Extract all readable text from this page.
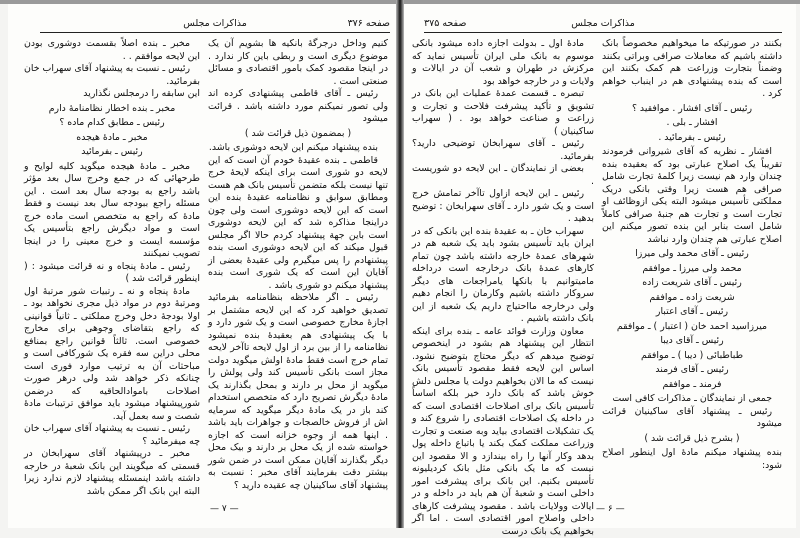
صفحه ۳۷۶
مذاکرات مجلس

کنیم وداخل درجرگهٔ بانکیه ها بشویم آن یک موضوع دیگری است و ربطی باین کار ندارد . در اینجا مقصود کمک بامور اقتصادی و مسائل صنعتی است .

رئیس ـ آقای قاطمی پیشنهادی کرده اند ولی تصور نمیکنم مورد داشته باشد . قرائت میشود

( بمضمون ذیل قرائت شد )

بنده پیشنهاد میکنم این لایحه دوشوری باشد.

قاطمی ـ بنده عقیدهٔ خودم آن است که این لایحه دو شوری است برای اینکه لایحهٔ خرج تنها نیست بلکه متضمن تأسیس بانک هم هست ومطابق سوابق و نظامنامه عقیدهٔ بنده این است که این لایحه دوشوری است ولی چون دراینجا مذاکره شد که این لایحه دوشوری است باین جهة پیشنهاد کردم حالا اگر مجلس قبول میکند که این لایحه دوشوری است بنده پیشنهادم را پس میگیرم ولی عقیدهٔ بعضی از آقایان این است که یک شوری است بنده پیشنهاد میکنم دو شوری باشد .

رئیس ـ اگر ملاحظه بنظامنامه بفرمائید تصدیق خواهید کرد که این لایحه مشتمل بر اجازهٔ مخارج خصوصی است و یک شور دارد و با یک پیشنهادی هم بعقیدهٔ بنده نمیشود نظامنامه را از بین برد از اول لایحه تاآخر لایحه تمام خرج است فقط مادهٔ اولش میگوید دولت مجاز است بانکی تأسیس کند ولی پولش را میگوید از محل بر دارند و بمحل بگذارند یک مادهٔ دیگرش تصریح دارد که متخصص استخدام کند باز در یک مادهٔ دیگر میگوید که سرمایه اش از فروش خالصجات و جواهرات باید باشد . اینها همه از وجوه خزانه است که اجازه خواسته شده از یک محل بر دارند و بیک محل دیگر بگذارند آقایان ممکن است در ضمن شور بیشتر دقت بفرمایند آقای مخبر : نسبت به پیشنهاد آقای ساکینیان چه عقیده دارید ؟

مخبر ـ بنده اصلاً بقسمت دوشوری بودن این لایحه موافقم . .

رئیس ـ نسبت به پیشنهاد آقای سهراب خان بفرمائید.

این سابقه را درمجلس نگذارید

مخبر ـ بنده اخطار نظامنامهٔ دارم

رئیس ـ مطابق کدام ماده ؟

مخبر ـ مادهٔ هیجده

رئیس ـ بفرمائید

مخبر ـ مادهٔ هیجده میگوید کلیه لوایح و طرحهائی که در جمع وخرج سال بعد مؤثر باشد راجع به بودجه سال بعد است . این مسئله راجع ببودجه سال بعد نیست و فقط مادهٔ که راجع به متخصص است ماده خرج است و مواد دیگرش راجع بتأسیس یک مؤسسه ایست و خرج معینی را در اینجا تصویب نمیکنند

رئیس ـ مادهٔ پنجاه و نه قرائت میشود : ( اینطور قرائت شد )

مادهٔ پنجاه و نه ـ رتبیات شور مرتبهٔ اول ومرتبهٔ دوم در مواد ذیل مجری نخواهد بود ـ اولا بودجهٔ دخل وخرج مملکتی ـ ثانیاً قوانینی که راجع بتقاضای وجوهی برای مخارج خصوصی است. ثالثاً قوانین راجع بمنافع محلی دراین سه فقره یک شورکافی است و مباحثات آن به ترتیب موارد فوری است چنانکه ذکر خواهد شد ولی درهر صورت اصلاحات باموادالحاقیه که درضمن شورپیشنهاد میشود باید موافق ترتیبات مادهٔ شصت و سه بعمل آید.

رئیس ـ نسبت به پیشنهاد آقای سهراب خان چه میفرمائید ؟

مخبر ـ درپیشنهاد آقای سهرابخان در قسمتی که میگویند این بانک شعبهٔ در خارجه داشته باشد اینمسئله پیشنهاد لازم ندارد زیرا البته این بانک اگر ممکن باشد

— ۷ —
صفحه ۳۷۵	مذاکرات مجلس

بکنند در صورتیکه ما میخواهیم مخصوصاً بانک داشته باشیم که معاملات صرافی وبراتی بکنند وضمناً بتجارت وزراعت هم کمک بکنند این است که بنده پیشنهادی هم در اینباب خواهم کرد .

رئیس ـ آقای افشار . موافقید ؟

افشار ـ بلی .

رئیس ـ بفرمائید .

افشار ـ نظریه که آقای شیروانی فرمودند تقریباً یک اصلاح عبارتی بود که بعقیده بنده چندان وارد هم نیست زیرا کلمهٔ تجارت شامل صرافی هم هست زیرا وقتی بانکی دریک مملکتی تأسیس میشود البته یکی ازوظائف او تجارت است و تجارت هم جنبهٔ صرافی کاملاً شامل است بنابر این بنده تصور میکنم این اصلاح عبارتی هم چندان وارد نباشد

رئیس ـ آقای محمد ولی میرزا

محمد ولی میرزا ـ موافقم

رئیس ـ آقای شریعت زاده

شریعت زاده ـ موافقم

رئیس ـ آقای اعتبار

میرزاسید احمد خان ( اعتبار ) ـ موافقم

رئیس ـ آقای دیبا

طباطبائی ( دیبا ) ـ موافقم

رئیس ـ آقای فرمند

فرمند ـ موافقم

جمعی از نمایندگان ـ مذاکرات کافی است

رئیس ـ پیشنهاد آقای ساکینیان قرائت میشود

( بشرح ذیل قرائت شد )

بنده پیشنهاد میکنم مادهٔ اول اینطور اصلاح شود:

مادهٔ اول ـ بدولت اجازه داده میشود بانکی موسوم به بانک ملی ایران تأسیس نماید که مرکزش در طهران و شعب آن در ایالات و ولایات و در خارجه خواهد بود

تبصره ـ قسمت عمدهٔ عملیات این بانک در تشویق و تأکید پیشرفت فلاحت و تجارت و زراعت و صناعت خواهد بود . ( سهراب ساکینیان )

رئیس ـ آقای سهرابخان توضیحی دارید؟ بفرمائید.

بعضی از نمایندگان ـ این لایحه دو شوریست .

رئیس ـ این لایحه ازاول تاآخر تمامش خرج است و یک شور دارد ـ آقای سهرابخان : توضیح بدهید .

سهراب خان ـ به عقیدهٔ بنده این بانکی که در ایران باید تأسیس بشود باید یک شعبه هم در شهرهای عمدهٔ خارجه داشته باشد چون تمام کارهای عمدهٔ بانک درخارجه است درداخله ماميتوانيم با بانکها یامراجعات های دیگر سروکار داشته باشیم وکارمان را انجام دهیم ولی درخارجه مااحتیاج داریم یک شعبه از این بانک داشته باشیم .

معاون وزارت فوائد عامه ـ بنده برای اینکه انتظار این پیشنهاد هم بشود در اینخصوص توضیح میدهم که دیگر محتاج بتوضیح نشود. اساس این لایحه فقط مقصود تأسیس بانک نیست که ما الان بخواهیم دولت یا مجلس دلش خوش باشد که بانک دارد خیر بلکه اساساً تأسیس بانک برای اصلاحات اقتصادی است که در داخله یک اصلاحات اقتصادی را شروع کند و یک تشکیلات اقتصادی بیاید وبه صنعت و تجارت وزراعت مملکت کمک بکند یا باتباع داخله پول بدهد وکار آنها را راه بیندازد و الا مقصود این نیست که ما یک بانکی مثل بانک کردیلیونه تأسیس بکنیم. این بانک برای پیشرفت امور داخلی است و شعبهٔ آن هم باید در داخله و در ایالات وولایات باشد . مقصود پیشرفت کارهای داخلی واصلاح امور اقتصادی است . اما اگر بخواهیم یک بانک درست

— ۶ —
